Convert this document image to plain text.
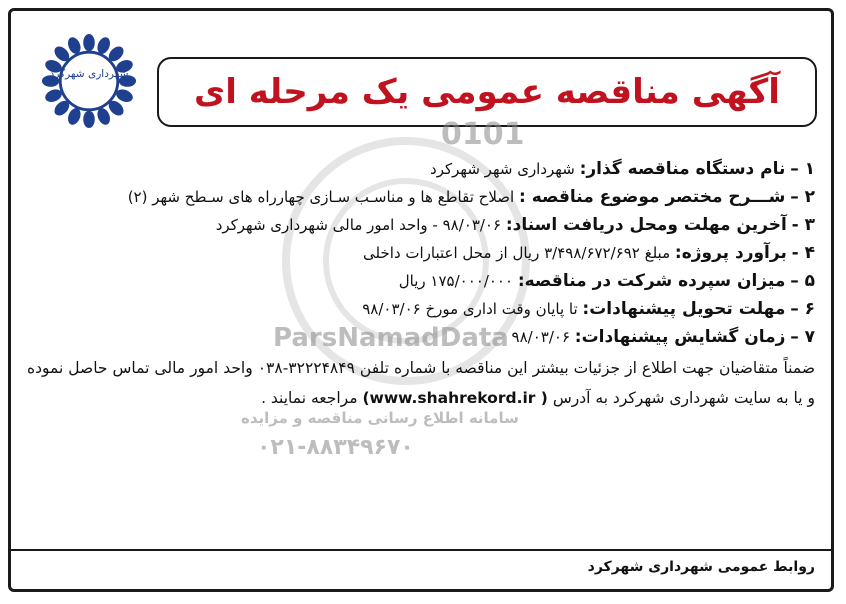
شهرداری شهرکرد آگهی مناقصه عمومی یک مرحله ای
0101
ParsNamadData
سامانه اطلاع رسانی مناقصه و مزایده
۰۲۱-۸۸۳۴۹۶۷۰
۱ – نام دستگاه مناقصه گذار: شهرداری شهر شهرکرد
۲ – شـــرح مختصر موضوع مناقصه : اصلاح تقاطع ها و مناسـب سـازی چهارراه های سـطح شهر (۲)
۳ - آخرین مهلت ومحل دریافت اسناد: ۹۸/۰۳/۰۶ - واحد امور مالی شهرداری شهرکرد
۴ - برآورد پروژه: مبلغ ۳/۴۹۸/۶۷۲/۶۹۲ ریال از محل اعتبارات داخلی
۵ – میزان سپرده شرکت در مناقصه: ۱۷۵/۰۰۰/۰۰۰ ریال
۶ – مهلت تحویل پیشنهادات: تا پایان وقت اداری مورخ ۹۸/۰۳/۰۶
۷ – زمان گشایش پیشنهادات: ۹۸/۰۳/۰۶
ضمناً متقاضیان جهت اطلاع از جزئیات بیشتر این مناقصه با شماره تلفن ۳۲۲۲۴۸۴۹-۰۳۸ واحد امور مالی تماس حاصل نموده و یا به سایت شهرداری شهرکرد به آدرس (www.shahrekord.ir ) مراجعه نمایند .
روابط عمومی شهرداری شهرکرد
